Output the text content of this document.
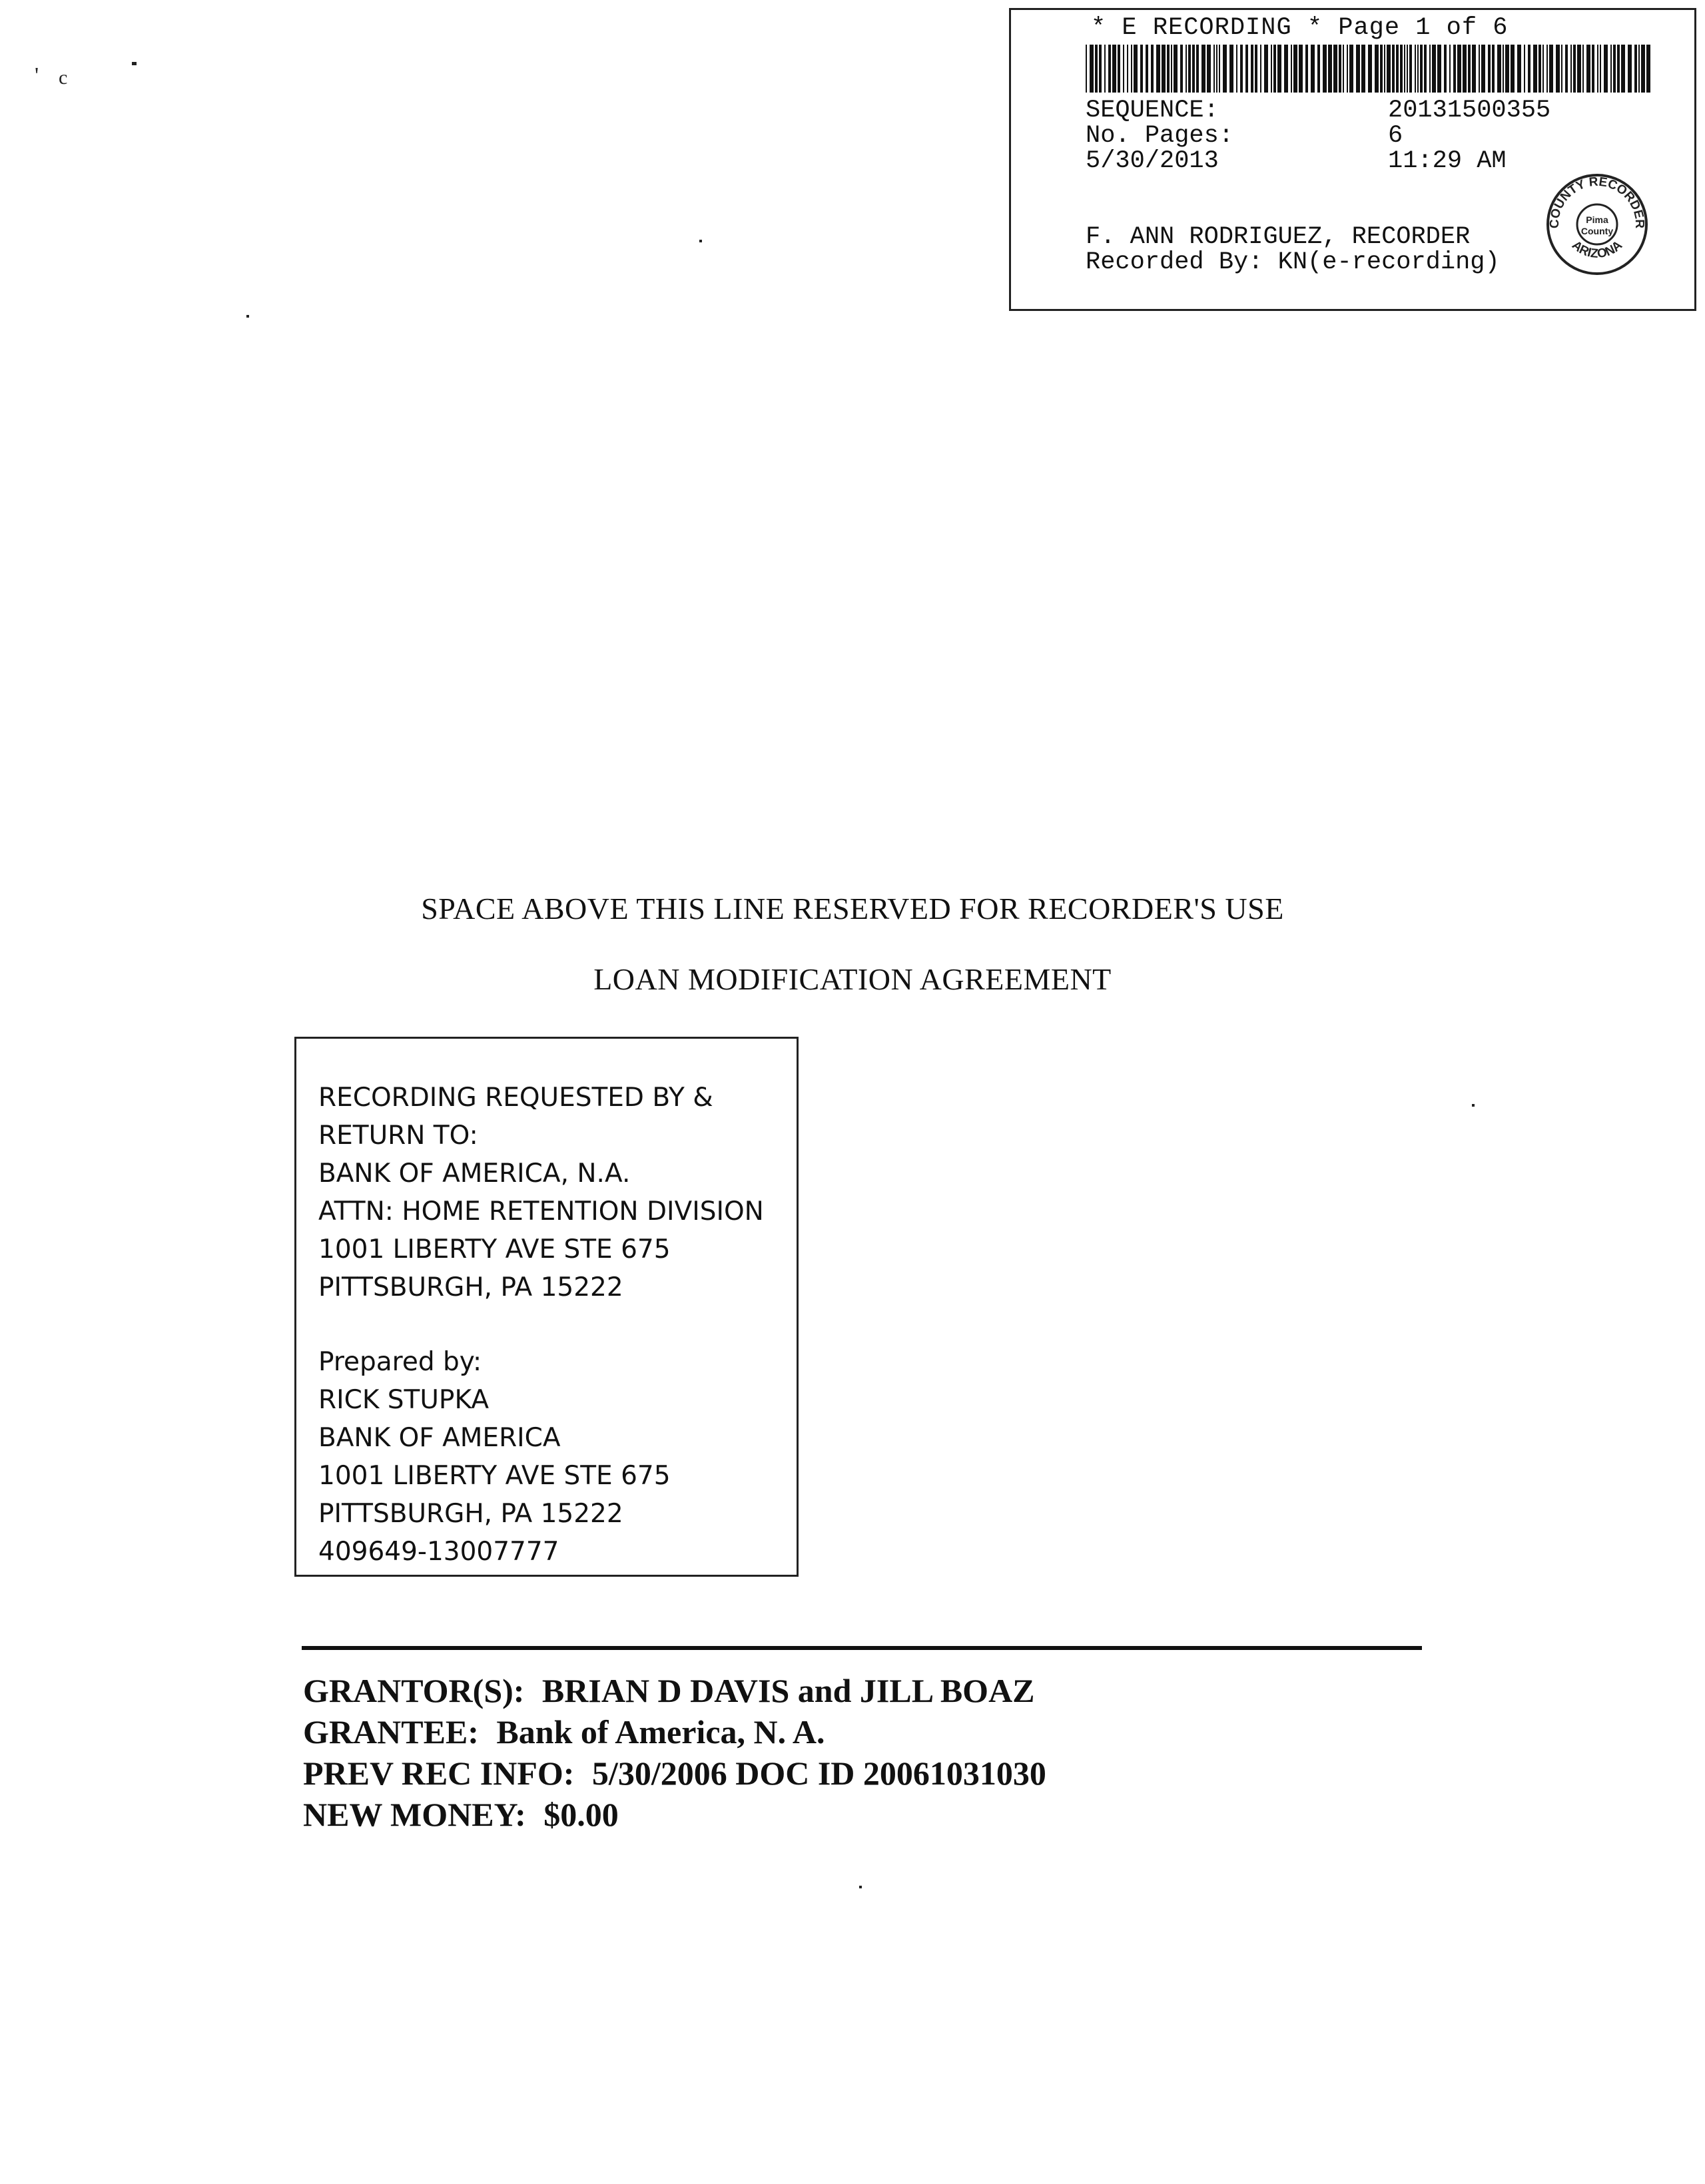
' c
* E RECORDING * Page 1 of 6
SEQUENCE:	20131500355
No. Pages:	6
5/30/2013	11:29 AM
F. ANN RODRIGUEZ, RECORDER
Recorded By: KN(e-recording)
COUNTY RECORDER
ARIZONA
Pima
County
SPACE ABOVE THIS LINE RESERVED FOR RECORDER'S USE
LOAN MODIFICATION AGREEMENT
RECORDING REQUESTED BY &
RETURN TO:
BANK OF AMERICA, N.A.
ATTN: HOME RETENTION DIVISION
1001 LIBERTY AVE STE 675
PITTSBURGH, PA 15222
Prepared by:
RICK STUPKA
BANK OF AMERICA
1001 LIBERTY AVE STE 675
PITTSBURGH, PA 15222
409649-13007777
GRANTOR(S): BRIAN D DAVIS and JILL BOAZ
GRANTEE: Bank of America, N. A.
PREV REC INFO: 5/30/2006 DOC ID 20061031030
NEW MONEY: $0.00
